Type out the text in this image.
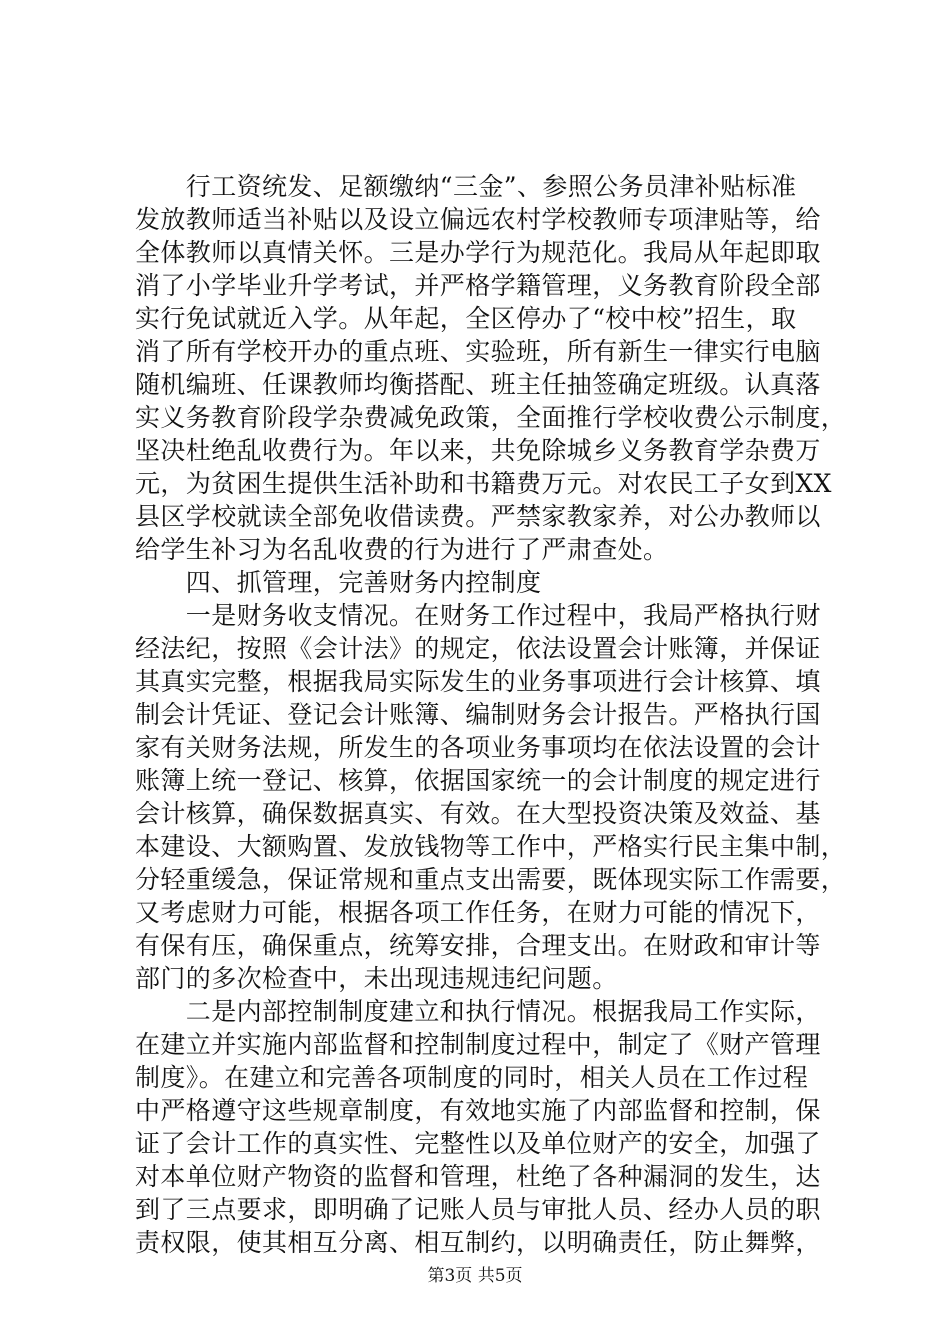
　　行工资统发、足额缴纳“三金”、参照公务员津补贴标准
发放教师适当补贴以及设立偏远农村学校教师专项津贴等，给
全体教师以真情关怀。三是办学行为规范化。我局从年起即取
消了小学毕业升学考试，并严格学籍管理，义务教育阶段全部
实行免试就近入学。从年起，全区停办了“校中校”招生，取
消了所有学校开办的重点班、实验班，所有新生一律实行电脑
随机编班、任课教师均衡搭配、班主任抽签确定班级。认真落
实义务教育阶段学杂费减免政策，全面推行学校收费公示制度，
坚决杜绝乱收费行为。年以来，共免除城乡义务教育学杂费万
元，为贫困生提供生活补助和书籍费万元。对农民工子女到XX
县区学校就读全部免收借读费。严禁家教家养，对公办教师以
给学生补习为名乱收费的行为进行了严肃查处。
　　四、抓管理，完善财务内控制度
　　一是财务收支情况。在财务工作过程中，我局严格执行财
经法纪，按照《会计法》的规定，依法设置会计账簿，并保证
其真实完整，根据我局实际发生的业务事项进行会计核算、填
制会计凭证、登记会计账簿、编制财务会计报告。严格执行国
家有关财务法规，所发生的各项业务事项均在依法设置的会计
账簿上统一登记、核算，依据国家统一的会计制度的规定进行
会计核算，确保数据真实、有效。在大型投资决策及效益、基
本建设、大额购置、发放钱物等工作中，严格实行民主集中制，
分轻重缓急，保证常规和重点支出需要，既体现实际工作需要，
又考虑财力可能，根据各项工作任务，在财力可能的情况下，
有保有压，确保重点，统筹安排，合理支出。在财政和审计等
部门的多次检查中，未出现违规违纪问题。
　　二是内部控制制度建立和执行情况。根据我局工作实际，
在建立并实施内部监督和控制制度过程中，制定了《财产管理
制度》。在建立和完善各项制度的同时，相关人员在工作过程
中严格遵守这些规章制度，有效地实施了内部监督和控制，保
证了会计工作的真实性、完整性以及单位财产的安全，加强了
对本单位财产物资的监督和管理，杜绝了各种漏洞的发生，达
到了三点要求，即明确了记账人员与审批人员、经办人员的职
责权限，使其相互分离、相互制约，以明确责任，防止舞弊，
第3页 共5页
